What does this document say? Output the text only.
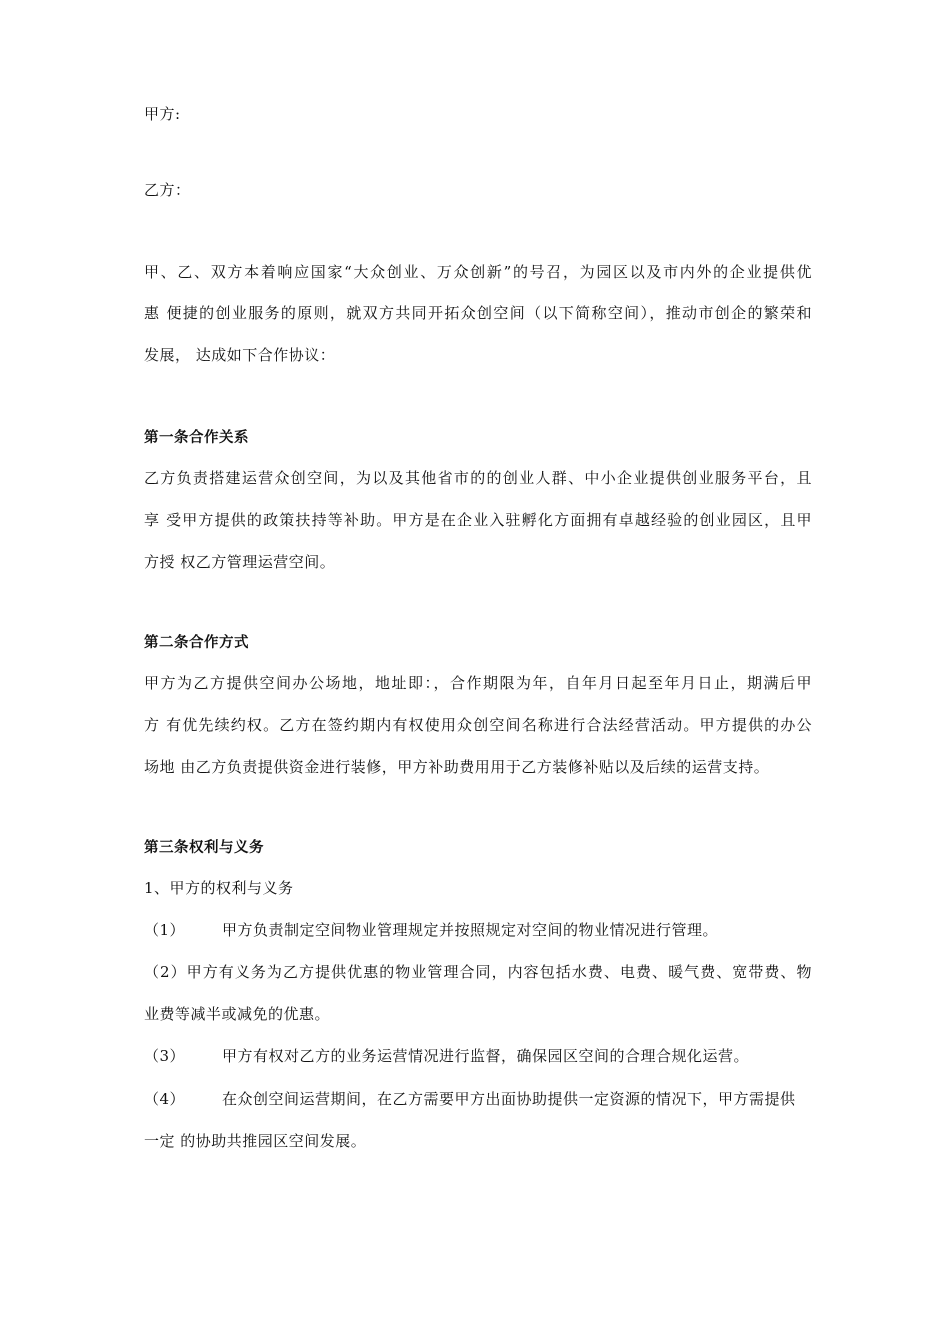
甲方:
乙方：
甲、乙、双方本着响应国家“大众创业、万众创新”的号召，为园区以及市内外的企业提供优
惠 便捷的创业服务的原则，就双方共同开拓众创空间（以下简称空间），推动市创企的繁荣和
发展， 达成如下合作协议：
第一条合作关系
乙方负责搭建运营众创空间，为以及其他省市的的创业人群、中小企业提供创业服务平台，且
享 受甲方提供的政策扶持等补助。甲方是在企业入驻孵化方面拥有卓越经验的创业园区，且甲
方授 权乙方管理运营空间。
第二条合作方式
甲方为乙方提供空间办公场地，地址即：，合作期限为年，自年月日起至年月日止，期满后甲
方 有优先续约权。乙方在签约期内有权使用众创空间名称进行合法经营活动。甲方提供的办公
场地 由乙方负责提供资金进行装修，甲方补助费用用于乙方装修补贴以及后续的运营支持。
第三条权利与义务
1、甲方的权利与义务
（1） 甲方负责制定空间物业管理规定并按照规定对空间的物业情况进行管理。
（2）甲方有义务为乙方提供优惠的物业管理合同，内容包括水费、电费、暖气费、宽带费、物
业费等减半或减免的优惠。
（3） 甲方有权对乙方的业务运营情况进行监督，确保园区空间的合理合规化运营。
（4） 在众创空间运营期间，在乙方需要甲方出面协助提供一定资源的情况下，甲方需提供
一定 的协助共推园区空间发展。
